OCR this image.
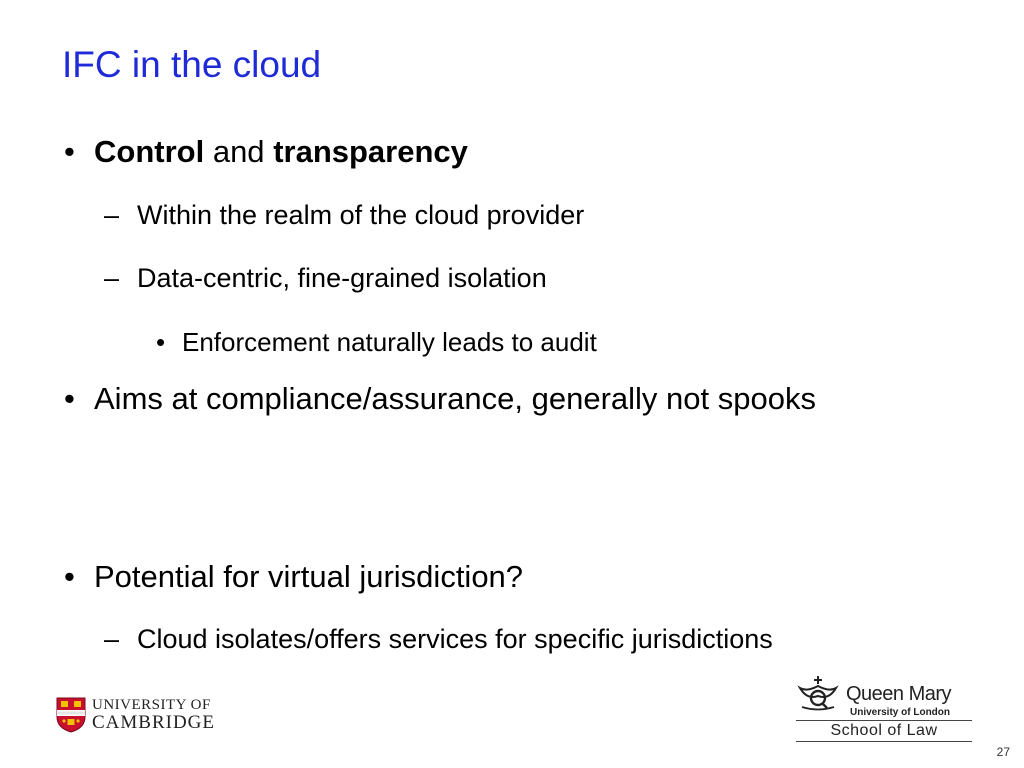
IFC in the cloud
• Control and transparency
– Within the realm of the cloud provider
– Data-centric, fine-grained isolation
• Enforcement naturally leads to audit
• Aims at compliance/assurance, generally not spooks
• Potential for virtual jurisdiction?
– Cloud isolates/offers services for specific jurisdictions
UNIVERSITY OF
CAMBRIDGE
Queen Mary
University of London
School of Law
27
